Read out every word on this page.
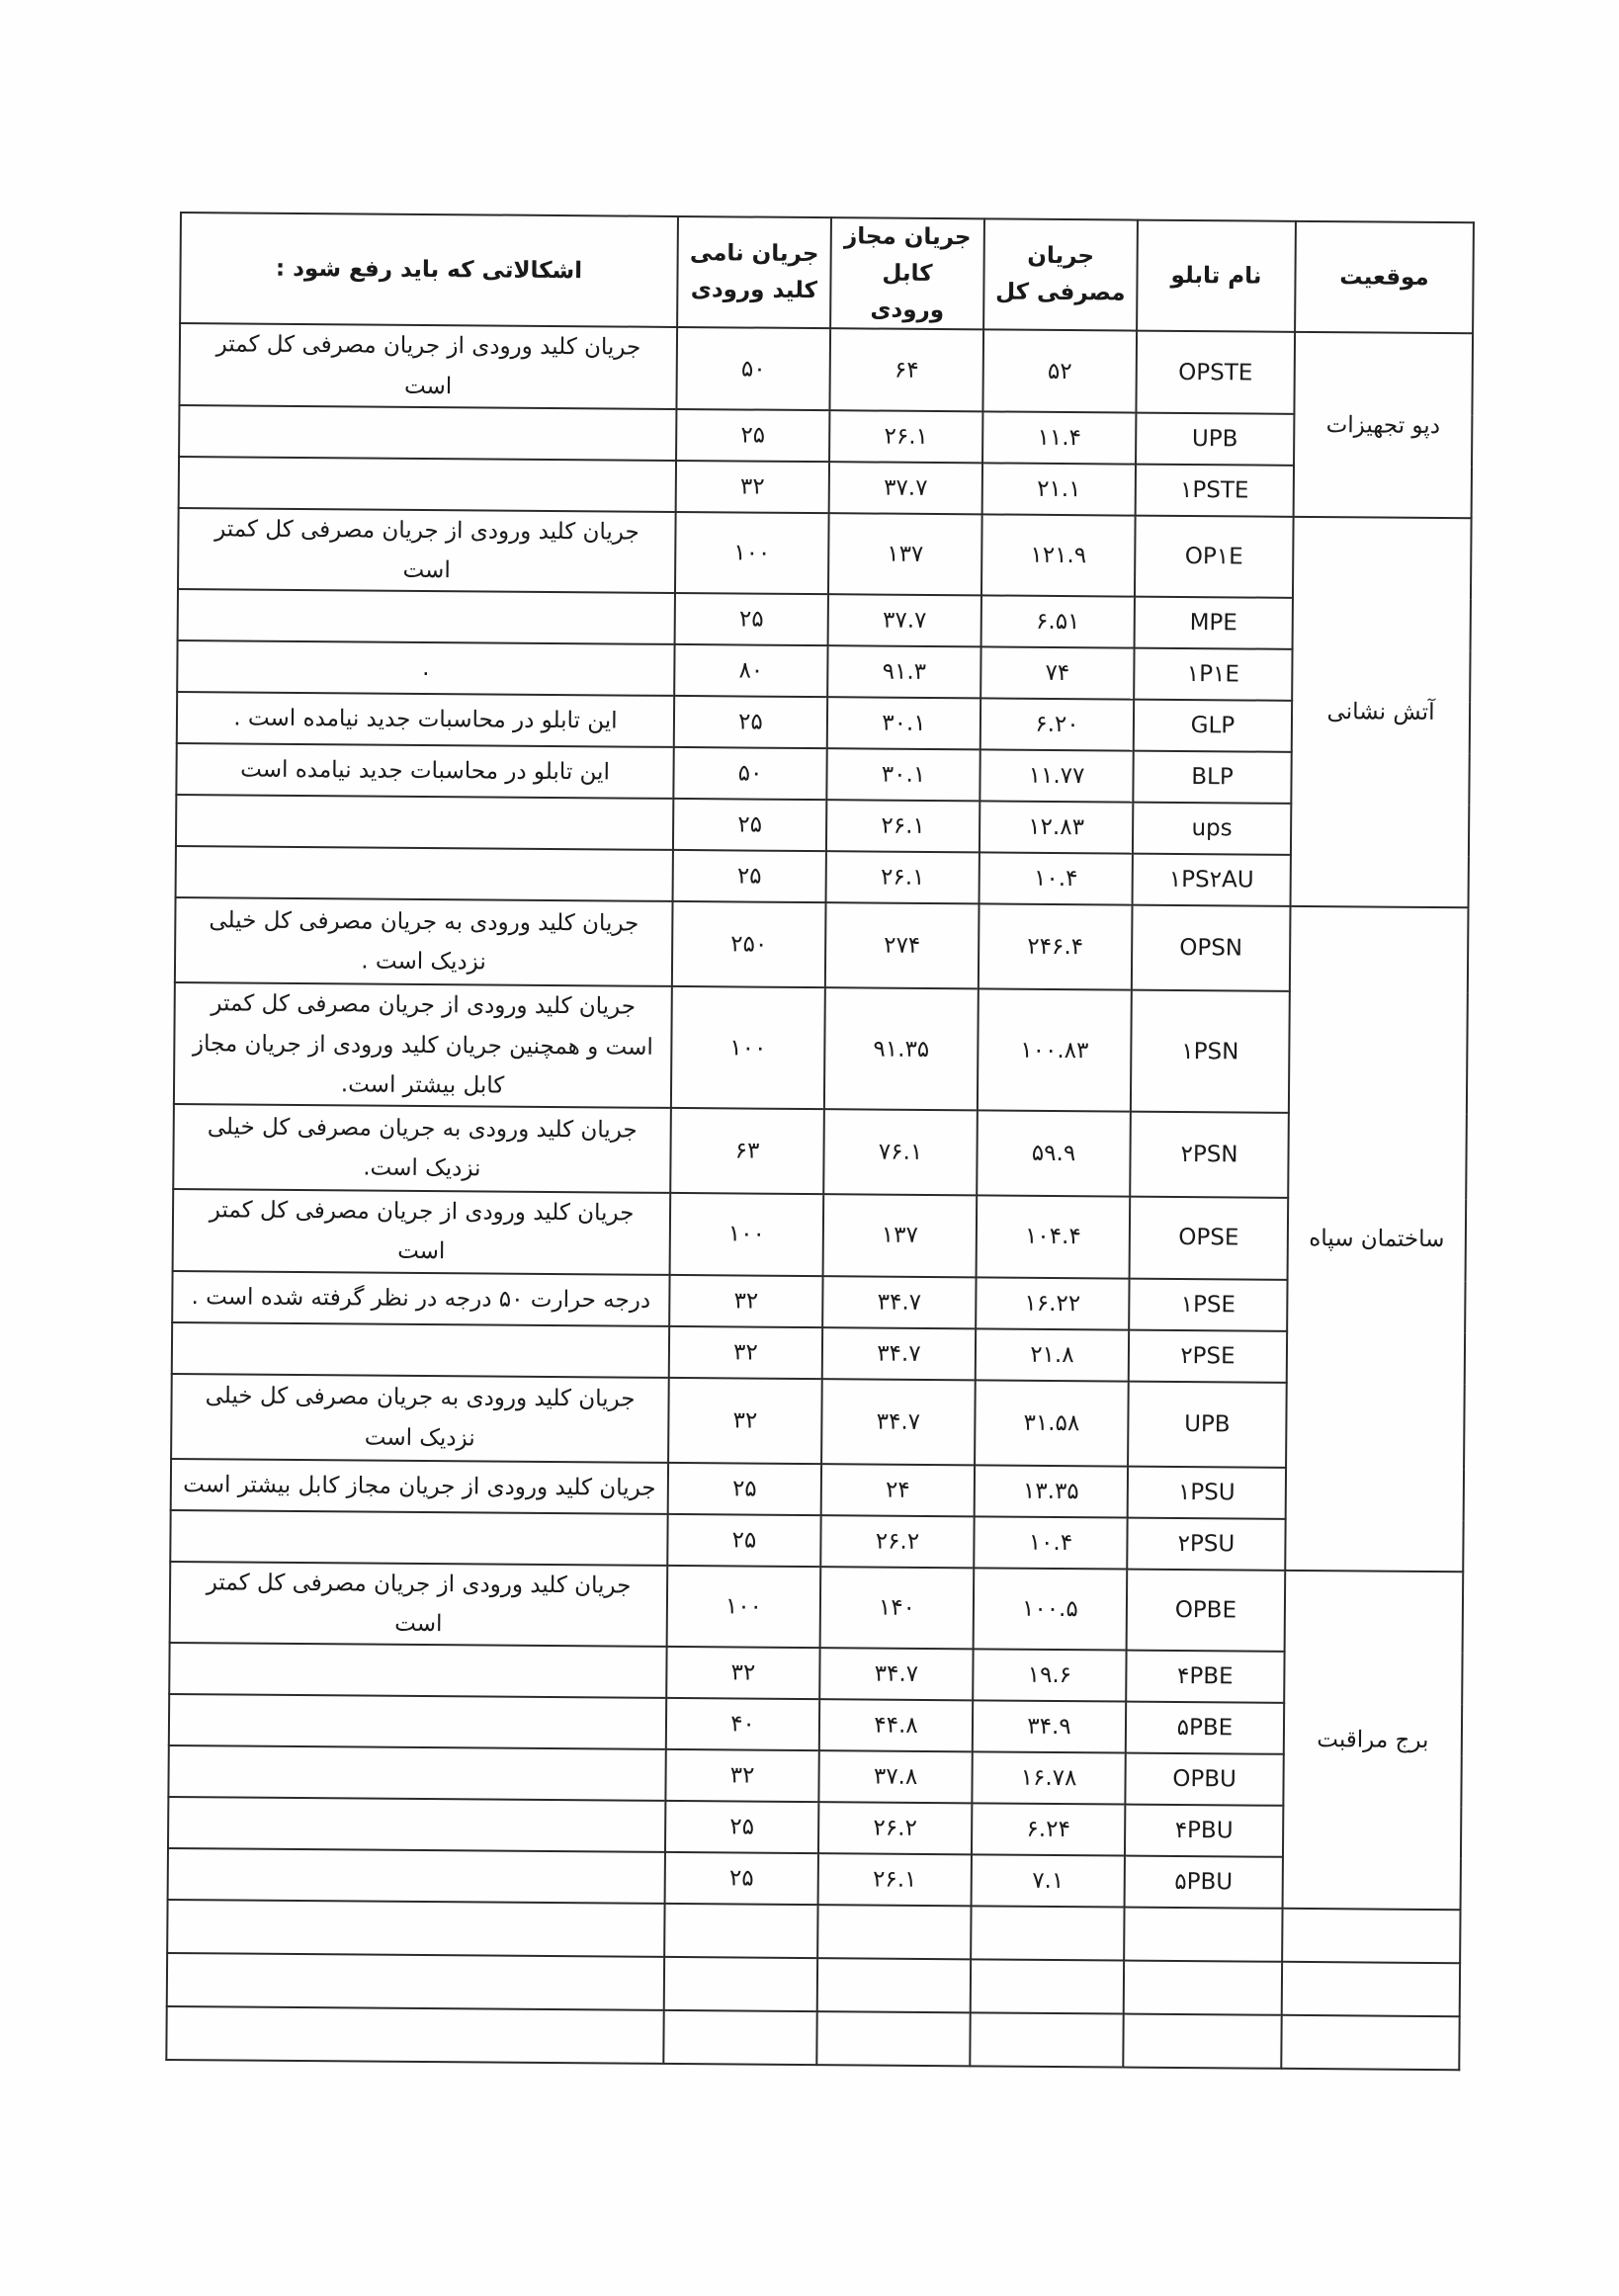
موقعیت	نام تابلو	جریان مصرفی کل	جریان مجاز کابل ورودی	جریان نامی کلید ورودی	اشکالاتی که باید رفع شود :
دپو تجهیزات	OPSTE	۵۲	۶۴	۵۰	جریان کلید ورودی از جریان مصرفی کل کمتر است
	UPB	۱۱.۴	۲۶.۱	۲۵	
	۱PSTE	۲۱.۱	۳۷.۷	۳۲	
آتش نشانی	OP۱E	۱۲۱.۹	۱۳۷	۱۰۰	جریان کلید ورودی از جریان مصرفی کل کمتر است
	MPE	۶.۵۱	۳۷.۷	۲۵	
	۱P۱E	۷۴	۹۱.۳	۸۰	.
	GLP	۶.۲۰	۳۰.۱	۲۵	این تابلو در محاسبات جدید نیامده است .
	BLP	۱۱.۷۷	۳۰.۱	۵۰	این تابلو در محاسبات جدید نیامده است
	ups	۱۲.۸۳	۲۶.۱	۲۵	
	۱PS۲AU	۱۰.۴	۲۶.۱	۲۵	
ساختمان سپاه	OPSN	۲۴۶.۴	۲۷۴	۲۵۰	جریان کلید ورودی به جریان مصرفی کل خیلی نزدیک است .
	۱PSN	۱۰۰.۸۳	۹۱.۳۵	۱۰۰	جریان کلید ورودی از جریان مصرفی کل کمتر است و همچنین جریان کلید ورودی از جریان مجاز کابل بیشتر است.
	۲PSN	۵۹.۹	۷۶.۱	۶۳	جریان کلید ورودی به جریان مصرفی کل خیلی نزدیک است.
	OPSE	۱۰۴.۴	۱۳۷	۱۰۰	جریان کلید ورودی از جریان مصرفی کل کمتر است
	۱PSE	۱۶.۲۲	۳۴.۷	۳۲	درجه حرارت ۵۰ درجه در نظر گرفته شده است .
	۲PSE	۲۱.۸	۳۴.۷	۳۲	
	UPB	۳۱.۵۸	۳۴.۷	۳۲	جریان کلید ورودی به جریان مصرفی کل خیلی نزدیک است
	۱PSU	۱۳.۳۵	۲۴	۲۵	جریان کلید ورودی از جریان مجاز کابل بیشتر است
	۲PSU	۱۰.۴	۲۶.۲	۲۵	
برج مراقبت	OPBE	۱۰۰.۵	۱۴۰	۱۰۰	جریان کلید ورودی از جریان مصرفی کل کمتر است
	۴PBE	۱۹.۶	۳۴.۷	۳۲	
	۵PBE	۳۴.۹	۴۴.۸	۴۰	
	OPBU	۱۶.۷۸	۳۷.۸	۳۲	
	۴PBU	۶.۲۴	۲۶.۲	۲۵	
	۵PBU	۷.۱	۲۶.۱	۲۵	
